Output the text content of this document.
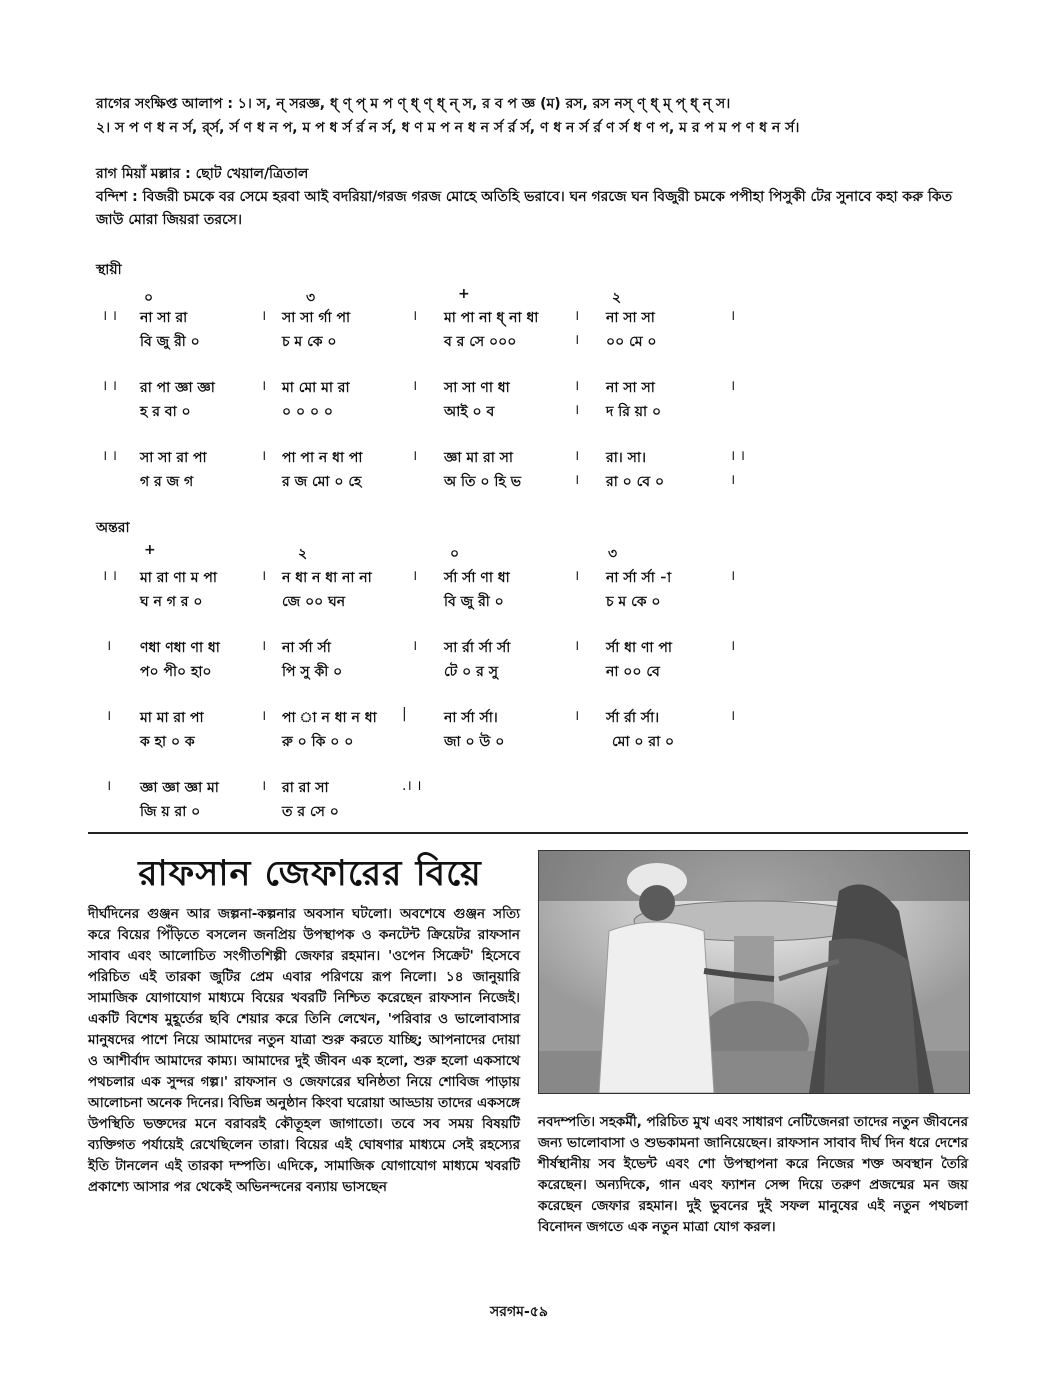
রাগের সংক্ষিপ্ত আলাপ : ১। স, ন্ সরজ্ঞ, ধ্ ণ্ প্ ম প ণ্ ধ্ ণ্ ধ্ ন্ স, র ব প জ্ঞ (ম) রস, রস নস্ ণ্ ধ্ ম্ প্ ধ্ ন্ স।
২। স প ণ ধ ন র্স, র্র্স, র্স ণ ধ ন প, ম প ধ র্স র্র ন র্স, ধ ণ ম প ন ধ ন র্স র্র র্স, ণ ধ ন র্স র্র ণ র্স ধ ণ প, ম র প ম প ণ ধ ন র্স।
রাগ মিয়াঁ মল্লার : ছোট খেয়াল/ত্রিতাল
বন্দিশ : বিজরী চমকে বর সেমে হরবা আই বদরিয়া/গরজ গরজ মোহে অতিহি ভরাবে। ঘন গরজে ঘন বিজুরী চমকে পপীহা পিসুকী টের সুনাবে কহা করু কিত জাউ মোরা জিয়রা তরসে।
স্থায়ী
০	৩	+	২
। । না সা রা	। সা সা র্গা পা	। মা পা না ধ্ না ধা	। না সা সা	।
বি জু রী ০	চ ম কে ০	ব র সে ০০০	। ০০ মে ০
। । রা পা জ্ঞা জ্ঞা	। মা মো মা রা	। সা সা ণা ধা	। না সা সা	।
হ র বা ০	০ ০ ০ ০	আই ০ ব	। দ রি য়া ০
। । সা সা রা পা	। পা পা ন ধা পা	। জ্ঞা মা রা সা	। রা। সা।	। ।
গ র জ গ	র জ মো ০ হে	অ তি ০ হি ভ	। রা ০ বে ০	।
অন্তরা
+	২	০	৩
। । মা রা ণা ম পা	। ন ধা ন ধা না না	। র্সা র্সা ণা ধা	। না র্সা র্সা -া	।
ঘ ন গ র ০	জে ০০ ঘন	বি জু রী ০	চ ম কে ০
। ণধা ণধা ণা ধা	। না র্সা র্সা	। সা র্রা র্সা র্সা	। র্সা ধা ণা পা	।
প০ পী০ হা০	পি সু কী ০	টে ০ র সু	না ০০ বে
। মা মা রা পা	। পা া ন ধা ন ধা |	না র্সা র্সা।	। র্সা র্রা র্সা।	।
ক হা ০ ক	রু ০ কি ০ ০	জা ০ উ ০	মো ০ রা ০
। জ্ঞা জ্ঞা জ্ঞা মা	। রা রা সা	.। ।
জি য় রা ০	ত র সে ০
রাফসান জেফারের বিয়ে
দীর্ঘদিনের গুঞ্জন আর জল্পনা-কল্পনার অবসান ঘটলো। অবশেষে গুঞ্জন সত্যি করে বিয়ের পিঁড়িতে বসলেন জনপ্রিয় উপস্থাপক ও কনটেন্ট ক্রিয়েটর রাফসান সাবাব এবং আলোচিত সংগীতশিল্পী জেফার রহমান। 'ওপেন সিক্রেট' হিসেবে পরিচিত এই তারকা জুটির প্রেম এবার পরিণয়ে রূপ নিলো। ১৪ জানুয়ারি সামাজিক যোগাযোগ মাধ্যমে বিয়ের খবরটি নিশ্চিত করেছেন রাফসান নিজেই। একটি বিশেষ মুহূর্তের ছবি শেয়ার করে তিনি লেখেন, 'পরিবার ও ভালোবাসার মানুষদের পাশে নিয়ে আমাদের নতুন যাত্রা শুরু করতে যাচ্ছি; আপনাদের দোয়া ও আশীর্বাদ আমাদের কাম্য। আমাদের দুই জীবন এক হলো, শুরু হলো একসাথে পথচলার এক সুন্দর গল্প।' রাফসান ও জেফারের ঘনিষ্ঠতা নিয়ে শোবিজ পাড়ায় আলোচনা অনেক দিনের। বিভিন্ন অনুষ্ঠান কিংবা ঘরোয়া আড্ডায় তাদের একসঙ্গে উপস্থিতি ভক্তদের মনে বরাবরই কৌতূহল জাগাতো। তবে সব সময় বিষয়টি ব্যক্তিগত পর্যায়েই রেখেছিলেন তারা। বিয়ের এই ঘোষণার মাধ্যমে সেই রহস্যের ইতি টানলেন এই তারকা দম্পতি। এদিকে, সামাজিক যোগাযোগ মাধ্যমে খবরটি প্রকাশ্যে আসার পর থেকেই অভিনন্দনের বন্যায় ভাসছেন
নবদম্পতি। সহকর্মী, পরিচিত মুখ এবং সাধারণ নেটিজেনরা তাদের নতুন জীবনের জন্য ভালোবাসা ও শুভকামনা জানিয়েছেন। রাফসান সাবাব দীর্ঘ দিন ধরে দেশের শীর্ষস্থানীয় সব ইভেন্ট এবং শো উপস্থাপনা করে নিজের শক্ত অবস্থান তৈরি করেছেন। অন্যদিকে, গান এবং ফ্যাশন সেন্স দিয়ে তরুণ প্রজন্মের মন জয় করেছেন জেফার রহমান। দুই ভুবনের দুই সফল মানুষের এই নতুন পথচলা বিনোদন জগতে এক নতুন মাত্রা যোগ করল।
সরগম-৫৯
